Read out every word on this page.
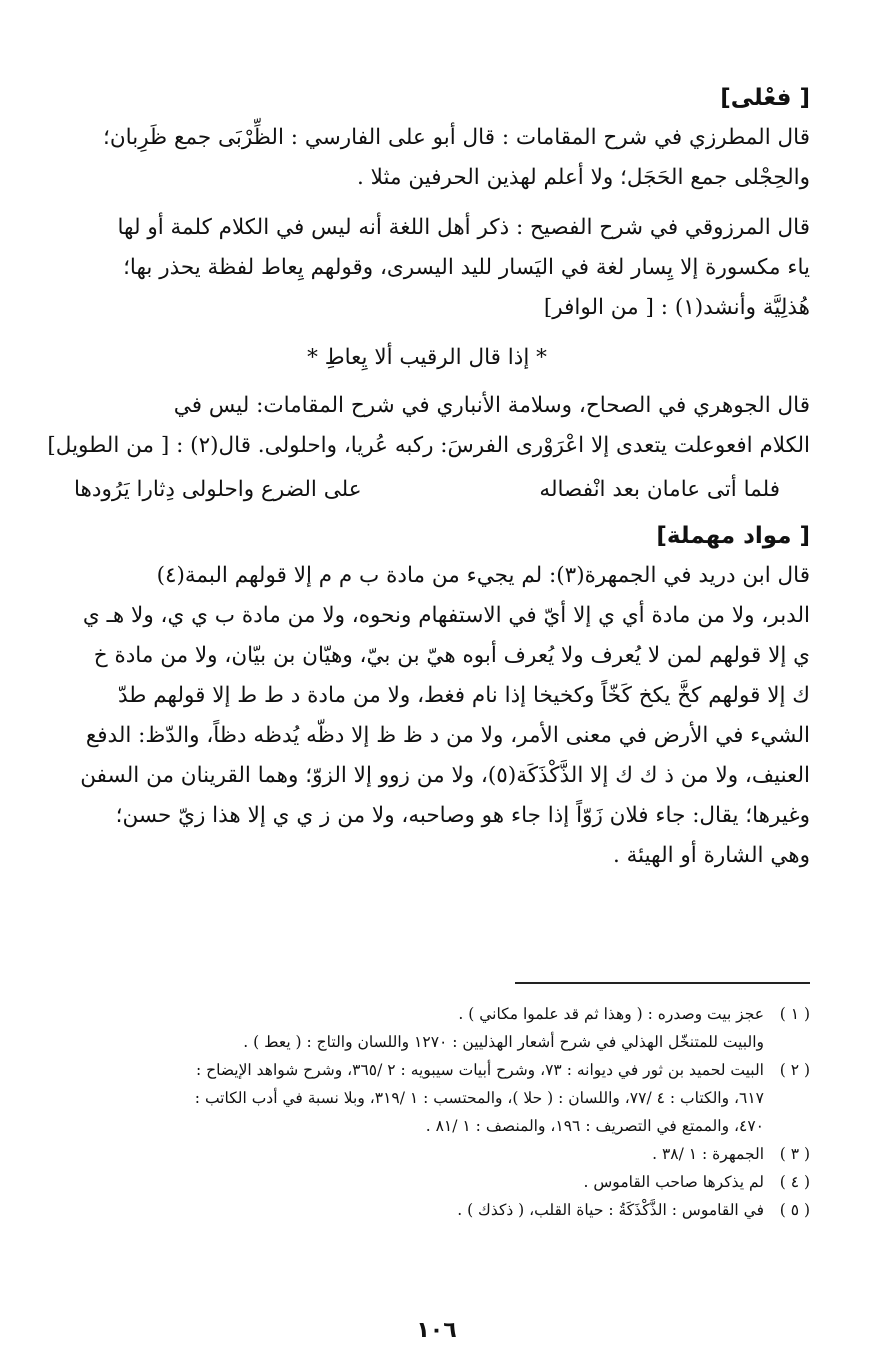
[ فعْلى]

قال المطرزي في شرح المقامات : قال أبو على الفارسي : الظِّرْبَى جمع ظَرِبان؛

والحِجْلى جمع الحَجَل؛ ولا أعلم لهذين الحرفين مثلا .

قال المرزوقي في شرح الفصيح : ذكر أهل اللغة أنه ليس في الكلام كلمة أو لها

ياء مكسورة إلا يِسار لغة في اليَسار لليد اليسرى، وقولهم يِعاط لفظة يحذر بها؛

هُذلِيَّة وأنشد(١) : [ من الوافر]

* إذا قال الرقيب ألا يِعاطِ *

قال الجوهري في الصحاح، وسلامة الأنباري في شرح المقامات: ليس في

الكلام افعوعلت يتعدى إلا اعْرَوْرى الفرسَ: ركبه عُريا، واحلولى. قال(٢) : [ من الطويل]

فلما أتى عامان بعد انْفصاله
على الضرع واحلولى دِثارا يَرُودها
[ مواد مهملة]

قال ابن دريد في الجمهرة(٣): لم يجيء من مادة ب م م إلا قولهم البمة(٤)

الدبر، ولا من مادة أي ي إلا أيّ في الاستفهام ونحوه، ولا من مادة ب ي ي، ولا هـ ي

ي إلا قولهم لمن لا يُعرف ولا يُعرف أبوه هيّ بن بيّ، وهيّان بن بيّان، ولا من مادة خ

ك إلا قولهم كخَّ يكخ كَخّاً وكخيخا إذا نام فغط، ولا من مادة د ط ط إلا قولهم طدّ

الشيء في الأرض في معنى الأمر، ولا من د ظ ظ إلا دظّه يُدظه دظاً، والدّظ: الدفع

العنيف، ولا من ذ ك ك إلا الذَّكْذَكَة(٥)، ولا من زوو إلا الزوّ؛ وهما القرينان من السفن

وغيرها؛ يقال: جاء فلان زَوّاً إذا جاء هو وصاحبه، ولا من ز ي ي إلا هذا زيّ حسن؛

وهي الشارة أو الهيئة .

( ١ )عجز بيت وصدره : ( وهذا ثم قد علموا مكاني ) .

والبيت للمتنخّل الهذلي في شرح أشعار الهذليين : ١٢٧٠ واللسان والتاج : ( يعط ) .

( ٢ )البيت لحميد بن ثور في ديوانه : ٧٣، وشرح أبيات سيبويه : ٢ /٣٦٥، وشرح شواهد الإيضاح :

٦١٧، والكتاب : ٤ /٧٧، واللسان : ( حلا )، والمحتسب : ١ /٣١٩، وبلا نسبة في أدب الكاتب :

٤٧٠، والممتع في التصريف : ١٩٦، والمنصف : ١ /٨١ .

( ٣ )الجمهرة : ١ /٣٨ .

( ٤ )لم يذكرها صاحب القاموس .

( ٥ )في القاموس : الذَّكْذَكَةُ : حياة القلب، ( ذكذك ) .

١٠٦
